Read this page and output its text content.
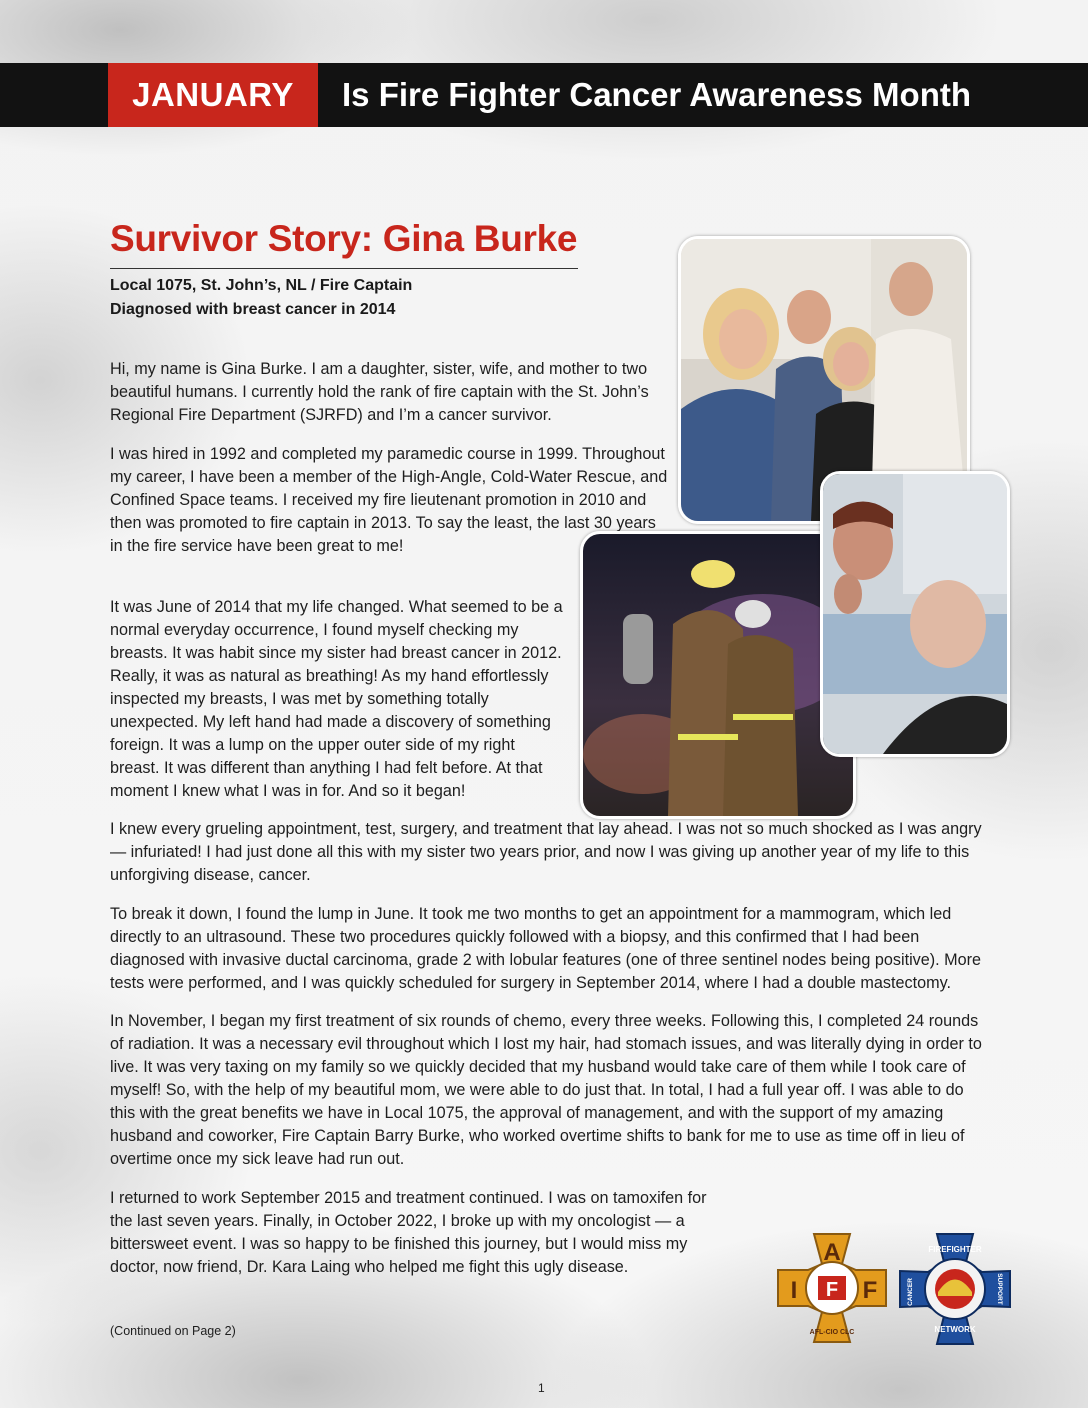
JANUARY	Is Fire Fighter Cancer Awareness Month
Survivor Story: Gina Burke
Local 1075, St. John’s, NL / Fire Captain
Diagnosed with breast cancer in 2014

Hi, my name is Gina Burke. I am a daughter, sister, wife, and mother to two beautiful humans. I currently hold the rank of fire captain with the St. John’s Regional Fire Department (SJRFD) and I’m a cancer survivor.

I was hired in 1992 and completed my paramedic course in 1999. Throughout my career, I have been a member of the High-Angle, Cold-Water Rescue, and Confined Space teams. I received my fire lieutenant promotion in 2010 and then was promoted to fire captain in 2013. To say the least, the last 30 years in the fire service have been great to me!

It was June of 2014 that my life changed. What seemed to be a normal everyday occurrence, I found myself checking my breasts. It was habit since my sister had breast cancer in 2012. Really, it was as natural as breathing! As my hand effortlessly inspected my breasts, I was met by something totally unexpected. My left hand had made a discovery of something foreign. It was a lump on the upper outer side of my right breast. It was different than anything I had felt before. At that moment I knew what I was in for. And so it began!

I knew every grueling appointment, test, surgery, and treatment that lay ahead. I was not so much shocked as I was angry — infuriated! I had just done all this with my sister two years prior, and now I was giving up another year of my life to this unforgiving disease, cancer.

To break it down, I found the lump in June. It took me two months to get an appointment for a mammogram, which led directly to an ultrasound. These two procedures quickly followed with a biopsy, and this confirmed that I had been diagnosed with invasive ductal carcinoma, grade 2 with lobular features (one of three sentinel nodes being positive). More tests were performed, and I was quickly scheduled for surgery in September 2014, where I had a double mastectomy.

In November, I began my first treatment of six rounds of chemo, every three weeks. Following this, I completed 24 rounds of radiation. It was a necessary evil throughout which I lost my hair, had stomach issues, and was literally dying in order to live. It was very taxing on my family so we quickly decided that my husband would take care of them while I took care of myself! So, with the help of my beautiful mom, we were able to do just that. In total, I had a full year off. I was able to do this with the great benefits we have in Local 1075, the approval of management, and with the support of my amazing husband and coworker, Fire Captain Barry Burke, who worked overtime shifts to bank for me to use as time off in lieu of overtime once my sick leave had run out.

I returned to work September 2015 and treatment continued. I was on tamoxifen for the last seven years. Finally, in October 2022, I broke up with my oncologist — a bittersweet event. I was so happy to be finished this journey, but I would miss my doctor, now friend, Dr. Kara Laing who helped me fight this ugly disease.

(Continued on Page 2)
1
A
I	F
F
AFL-CIO CLC
FIREFIGHTER
CANCER	SUPPORT
NETWORK
